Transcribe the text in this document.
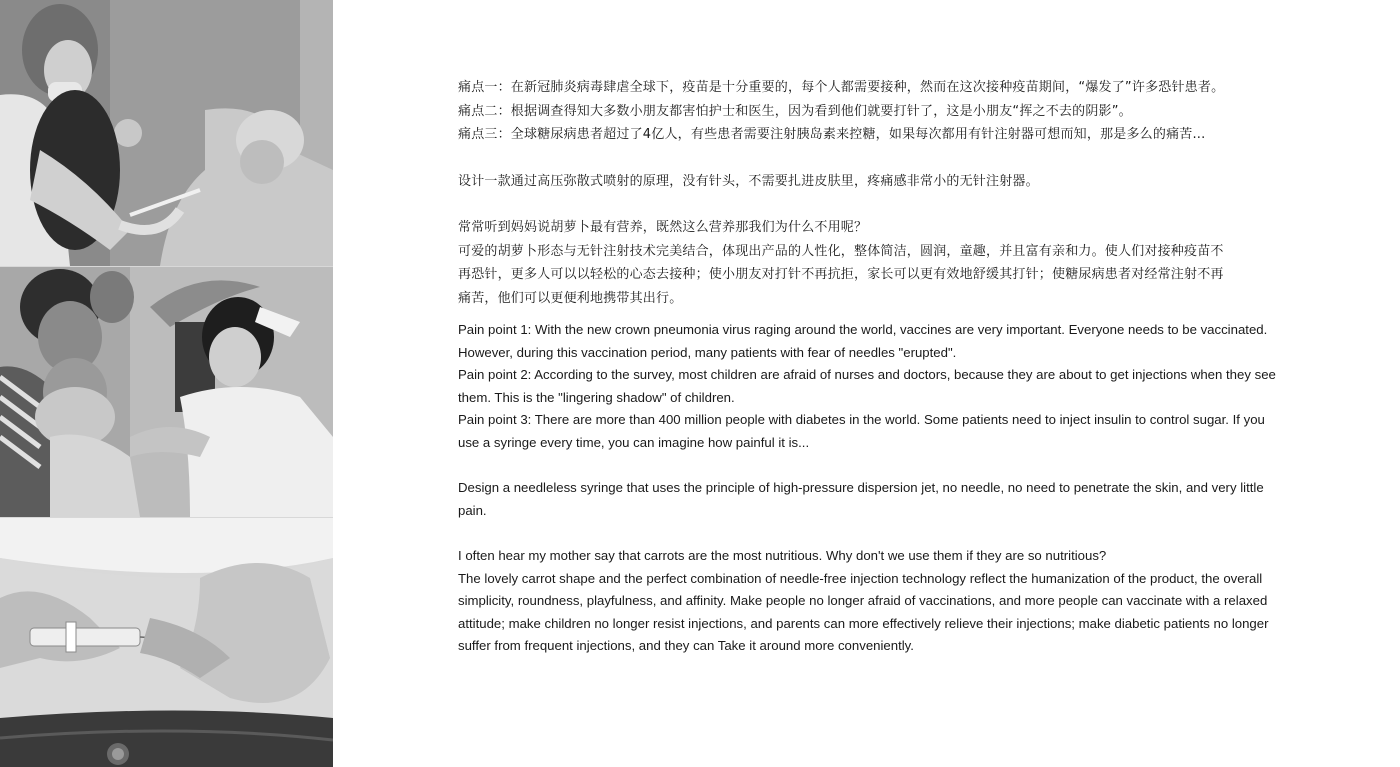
痛点一：在新冠肺炎病毒肆虐全球下，疫苗是十分重要的，每个人都需要接种，然而在这次接种疫苗期间，“爆发了”许多恐针患者。

痛点二：根据调查得知大多数小朋友都害怕护士和医生，因为看到他们就要打针了，这是小朋友“挥之不去的阴影”。

痛点三：全球糖尿病患者超过了4亿人，有些患者需要注射胰岛素来控糖，如果每次都用有针注射器可想而知，那是多么的痛苦...

设计一款通过高压弥散式喷射的原理，没有针头，不需要扎进皮肤里，疼痛感非常小的无针注射器。

常常听到妈妈说胡萝卜最有营养，既然这么营养那我们为什么不用呢？

可爱的胡萝卜形态与无针注射技术完美结合，体现出产品的人性化，整体简洁，圆润，童趣，并且富有亲和力。使人们对接种疫苗不

再恐针，更多人可以以轻松的心态去接种；使小朋友对打针不再抗拒，家长可以更有效地舒缓其打针；使糖尿病患者对经常注射不再

痛苦，他们可以更便利地携带其出行。

Pain point 1: With the new crown pneumonia virus raging around the world, vaccines are very important. Everyone needs to be vaccinated.

However, during this vaccination period, many patients with fear of needles "erupted".

Pain point 2: According to the survey, most children are afraid of nurses and doctors, because they are about to get injections when they see

them. This is the "lingering shadow" of children.

Pain point 3: There are more than 400 million people with diabetes in the world. Some patients need to inject insulin to control sugar. If you

use a syringe every time, you can imagine how painful it is...

Design a needleless syringe that uses the principle of high-pressure dispersion jet, no needle, no need to penetrate the skin, and very little

pain.

I often hear my mother say that carrots are the most nutritious. Why don't we use them if they are so nutritious?

The lovely carrot shape and the perfect combination of needle-free injection technology reflect the humanization of the product, the overall

simplicity, roundness, playfulness, and affinity. Make people no longer afraid of vaccinations, and more people can vaccinate with a relaxed

attitude; make children no longer resist injections, and parents can more effectively relieve their injections; make diabetic patients no longer

suffer from frequent injections, and they can Take it around more conveniently.
